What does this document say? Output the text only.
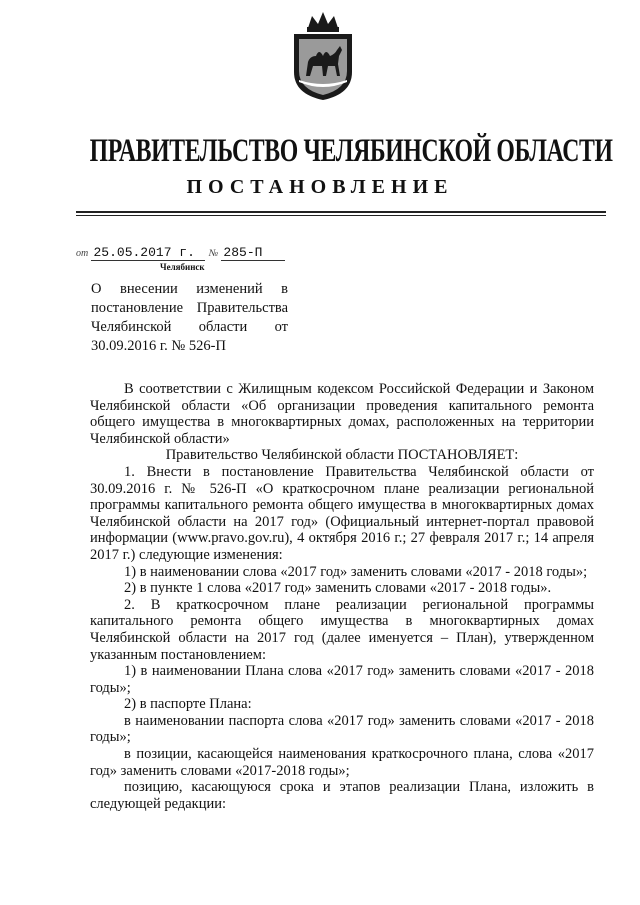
ПРАВИТЕЛЬСТВО ЧЕЛЯБИНСКОЙ ОБЛАСТИ
ПОСТАНОВЛЕНИЕ
от 25.05.2017 г. № 285-П
Челябинск
О внесении изменений в постановление Правительства Челябинской области от 30.09.2016 г. № 526-П

В соответствии с Жилищным кодексом Российской Федерации и Законом Челябинской области «Об организации проведения капитального ремонта общего имущества в многоквартирных домах, расположенных на территории Челябинской области»

Правительство Челябинской области ПОСТАНОВЛЯЕТ:

1. Внести в постановление Правительства Челябинской области от 30.09.2016 г. № 526-П «О краткосрочном плане реализации региональной программы капитального ремонта общего имущества в многоквартирных домах Челябинской области на 2017 год» (Официальный интернет-портал правовой информации (www.pravo.gov.ru), 4 октября 2016 г.; 27 февраля 2017 г.; 14 апреля 2017 г.) следующие изменения:

1) в наименовании слова «2017 год» заменить словами «2017 - 2018 годы»;

2) в пункте 1 слова «2017 год» заменить словами «2017 - 2018 годы».

2. В краткосрочном плане реализации региональной программы капитального ремонта общего имущества в многоквартирных домах Челябинской области на 2017 год (далее именуется – План), утвержденном указанным постановлением:

1) в наименовании Плана слова «2017 год» заменить словами «2017 - 2018 годы»;

2) в паспорте Плана:

в наименовании паспорта слова «2017 год» заменить словами «2017 - 2018 годы»;

в позиции, касающейся наименования краткосрочного плана, слова «2017 год» заменить словами «2017-2018 годы»;

позицию, касающуюся срока и этапов реализации Плана, изложить в следующей редакции:
